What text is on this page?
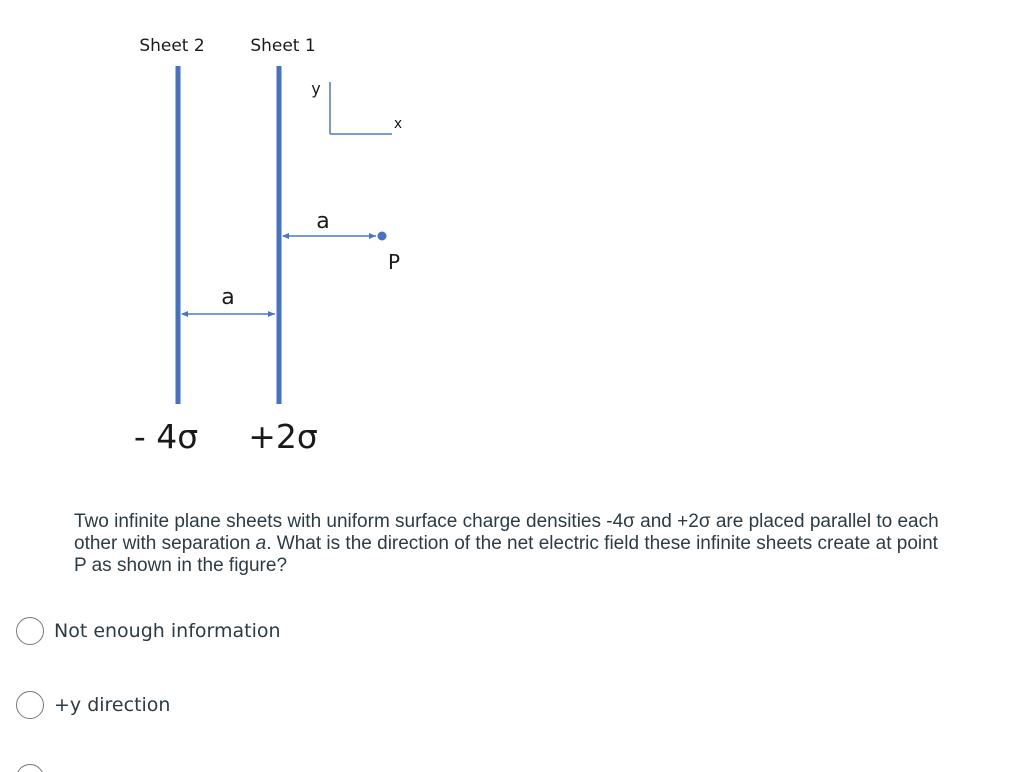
Sheet 2	Sheet 1
y
x
a
P
a
- 4σ +2σ

Two infinite plane sheets with uniform surface charge densities -4σ and +2σ are placed parallel to each other with separation a. What is the direction of the net electric field these infinite sheets create at point P as shown in the figure?

Not enough information
+y direction
